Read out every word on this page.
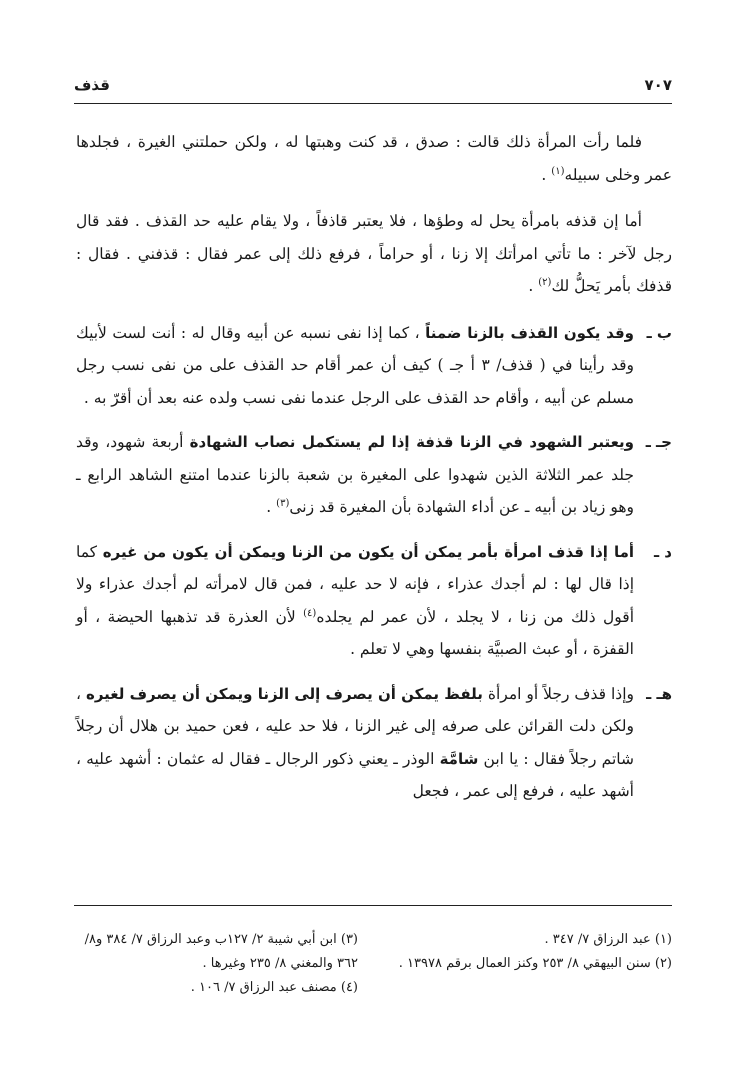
٧٠٧
قذف

فلما رأت المرأة ذلك قالت : صدق ، قد كنت وهبتها له ، ولكن حملتني الغيرة ، فجلدها عمر وخلى سبيله$^{(١)}$ .

أما إن قذفه بامرأة يحل له وطؤها ، فلا يعتبر قاذفاً ، ولا يقام عليه حد القذف . فقد قال رجل لآخر : ما تأتي امرأتك إلا زنا ، أو حراماً ، فرفع ذلك إلى عمر فقال : قذفني . فقال : قذفك بأمر يَحلُّ لك$^{(٢)}$ .

ب ـ
وقد يكون القذف بالزنا ضمناً ، كما إذا نفى نسبه عن أبيه وقال له : أنت لست لأبيك وقد رأينا في ( قذف/ ٣ أ جـ ) كيف أن عمر أقام حد القذف على من نفى نسب رجل مسلم عن أبيه ، وأقام حد القذف على الرجل عندما نفى نسب ولده عنه بعد أن أقرّ به .

جـ ـ
ويعتبر الشهود في الزنا قذفة إذا لم يستكمل نصاب الشهادة أربعة شهود، وقد جلد عمر الثلاثة الذين شهدوا على المغيرة بن شعبة بالزنا عندما امتنع الشاهد الرابع ـ وهو زياد بن أبيه ـ عن أداء الشهادة بأن المغيرة قد زنى$^{(٣)}$ .

د ـ
أما إذا قذف امرأة بأمر يمكن أن يكون من الزنا ويمكن أن يكون من غيره كما إذا قال لها : لم أجدك عذراء ، فإنه لا حد عليه ، فمن قال لامرأته لم أجدك عذراء ولا أقول ذلك من زنا ، لا يجلد ، لأن عمر لم يجلده$^{(٤)}$ لأن العذرة قد تذهبها الحيضة ، أو القفزة ، أو عبث الصبيَّة بنفسها وهي لا تعلم .

هـ ـ
وإذا قذف رجلاً أو امرأة بلفظ يمكن أن يصرف إلى الزنا ويمكن أن يصرف لغيره ، ولكن دلت القرائن على صرفه إلى غير الزنا ، فلا حد عليه ، فعن حميد بن هلال أن رجلاً شاتم رجلاً فقال : يا ابن شامَّة الوذر ـ يعني ذكور الرجال ـ فقال له عثمان : أشهد عليه ، أشهد عليه ، فرفع إلى عمر ، فجعل

(١) عبد الرزاق ٧/ ٣٤٧ .

(٢) سنن البيهقي ٨/ ٢٥٣ وكنز العمال برقم ١٣٩٧٨ .

(٣) ابن أبي شيبة ٢/ ١٢٧ب وعبد الرزاق ٧/ ٣٨٤ و٨/ ٣٦٢ والمغني ٨/ ٢٣٥ وغيرها .

(٤) مصنف عبد الرزاق ٧/ ١٠٦ .
